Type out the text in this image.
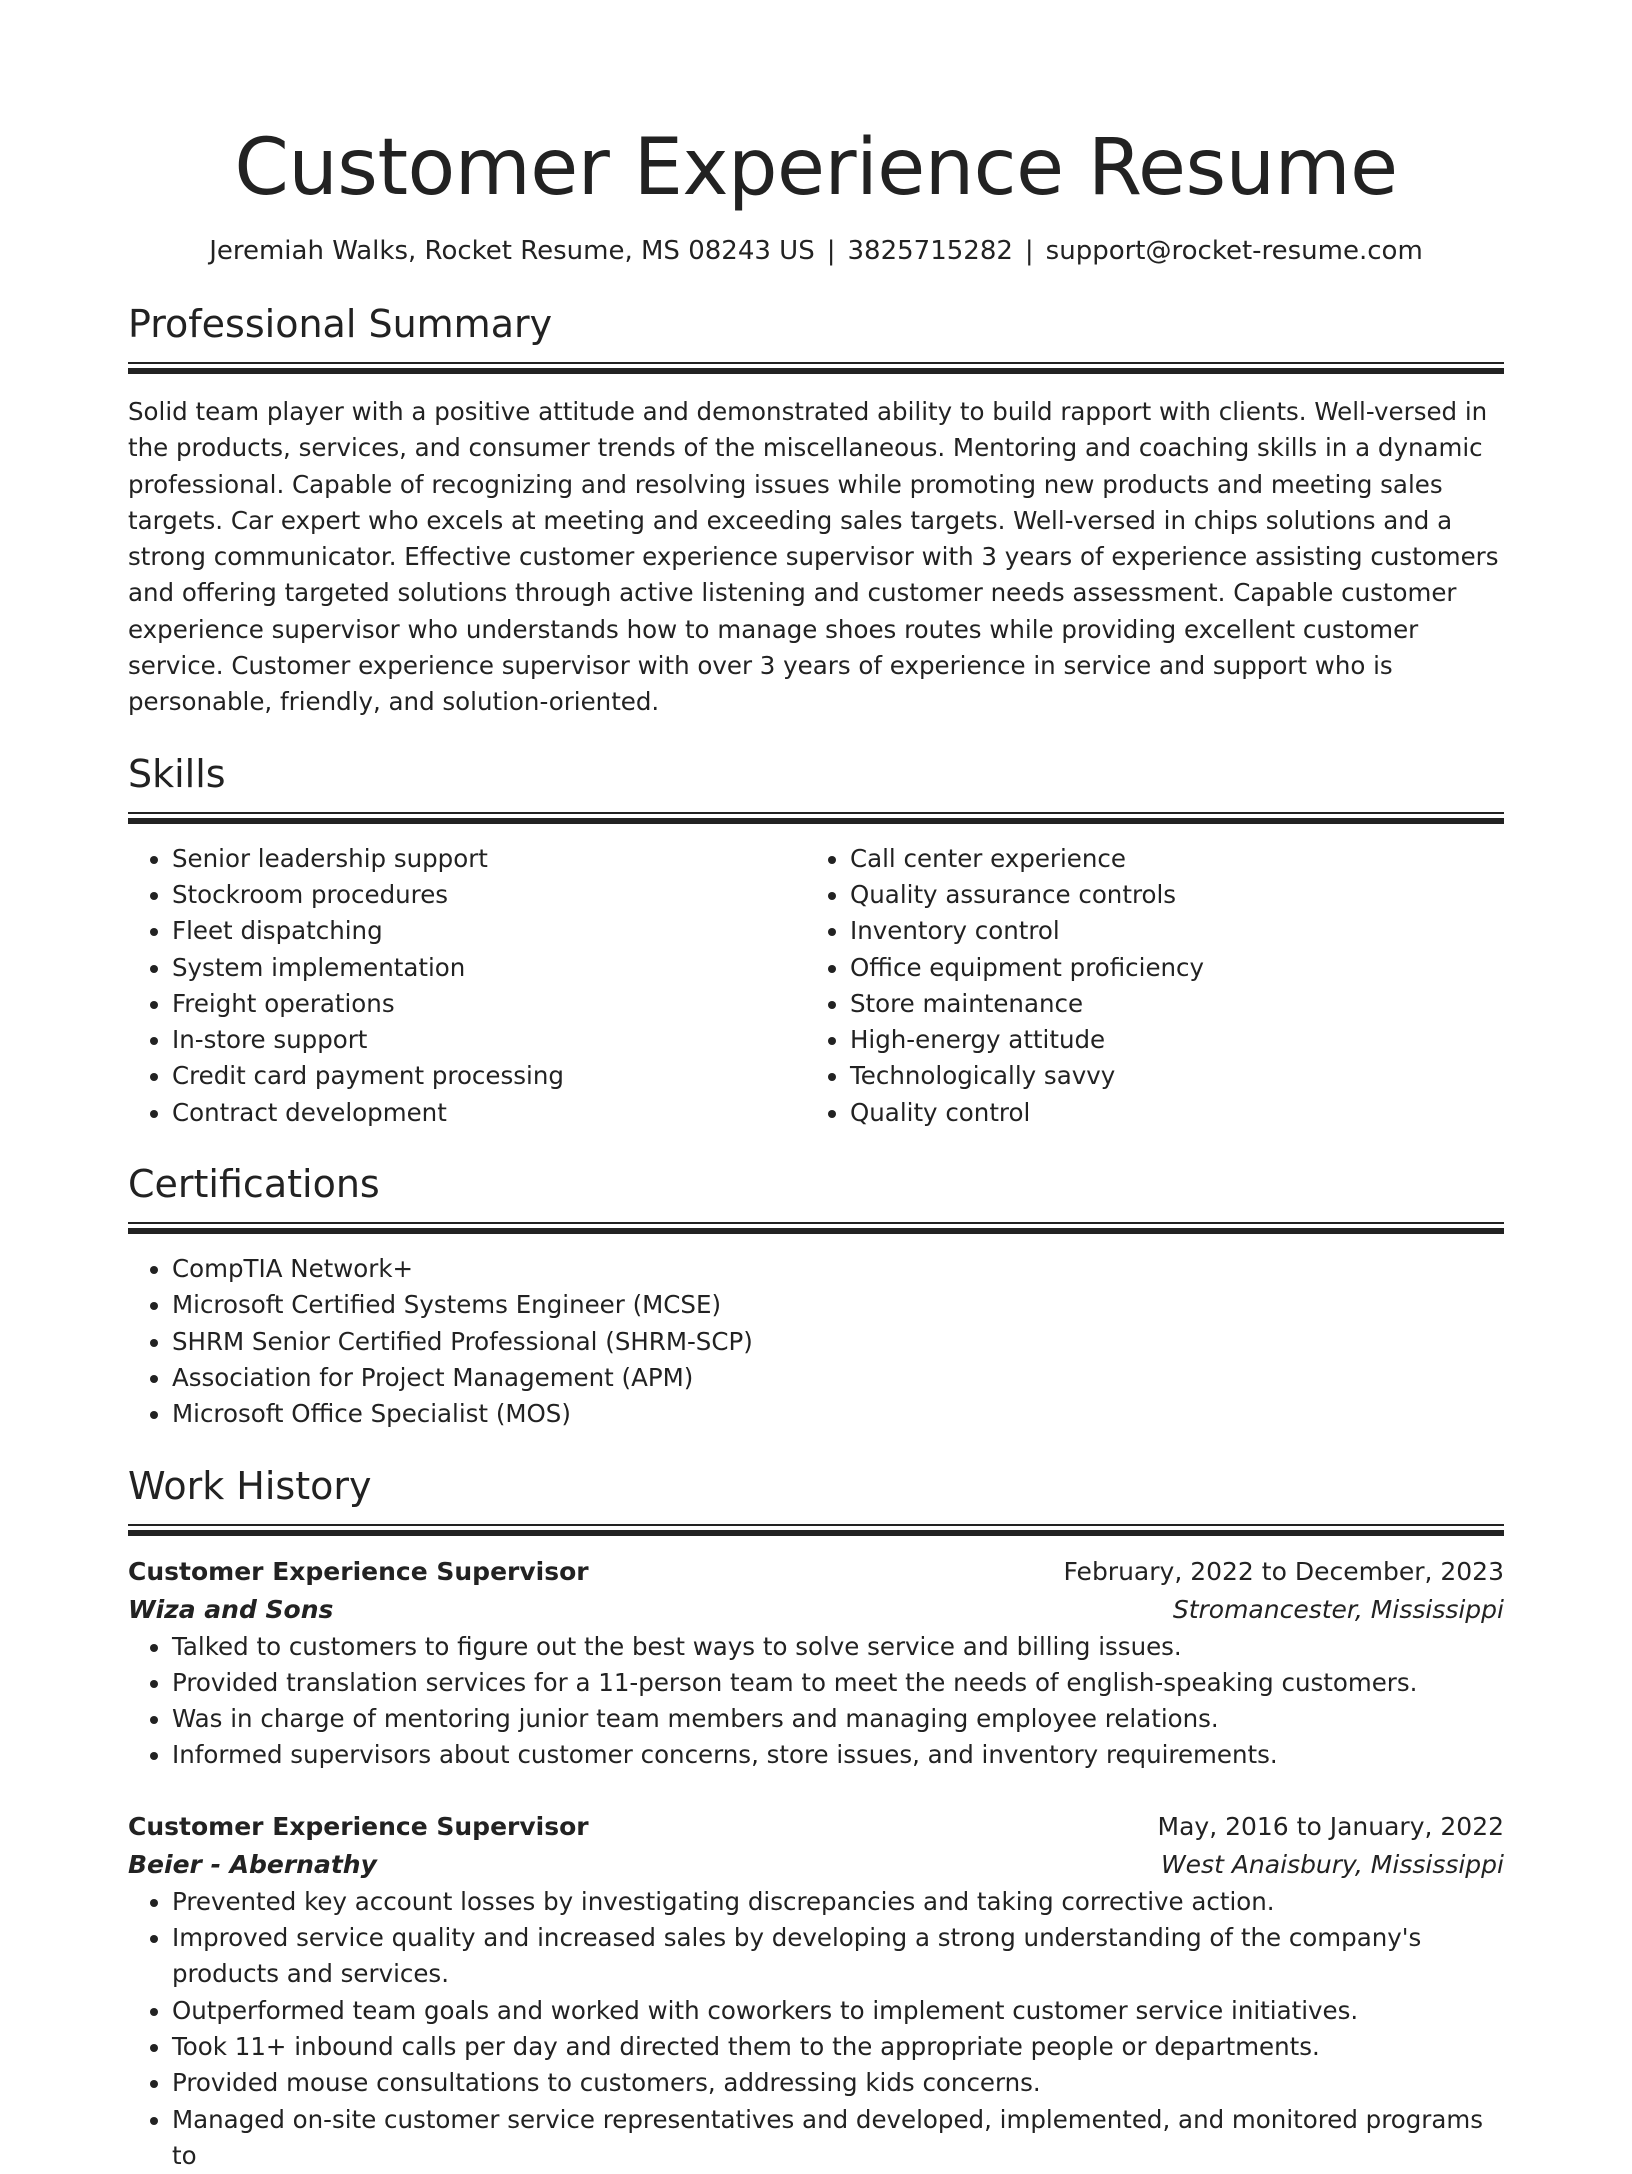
Customer Experience Resume
Jeremiah Walks, Rocket Resume, MS 08243 US | 3825715282 | support@rocket-resume.com
Professional Summary

Solid team player with a positive attitude and demonstrated ability to build rapport with clients. Well-versed in the products, services, and consumer trends of the miscellaneous. Mentoring and coaching skills in a dynamic professional. Capable of recognizing and resolving issues while promoting new products and meeting sales targets. Car expert who excels at meeting and exceeding sales targets. Well-versed in chips solutions and a strong communicator. Effective customer experience supervisor with 3 years of experience assisting customers and offering targeted solutions through active listening and customer needs assessment. Capable customer experience supervisor who understands how to manage shoes routes while providing excellent customer service. Customer experience supervisor with over 3 years of experience in service and support who is personable, friendly, and solution-oriented.

Skills
• Senior leadership support
• Stockroom procedures
• Fleet dispatching
• System implementation
• Freight operations
• In-store support
• Credit card payment processing
• Contract development
• Call center experience
• Quality assurance controls
• Inventory control
• Office equipment proficiency
• Store maintenance
• High-energy attitude
• Technologically savvy
• Quality control
Certifications
• CompTIA Network+
• Microsoft Certified Systems Engineer (MCSE)
• SHRM Senior Certified Professional (SHRM-SCP)
• Association for Project Management (APM)
• Microsoft Office Specialist (MOS)
Work History
Customer Experience Supervisor	February, 2022 to December, 2023
Wiza and Sons	Stromancester, Mississippi
• Talked to customers to figure out the best ways to solve service and billing issues.
• Provided translation services for a 11-person team to meet the needs of english-speaking customers.
• Was in charge of mentoring junior team members and managing employee relations.
• Informed supervisors about customer concerns, store issues, and inventory requirements.
Customer Experience Supervisor	May, 2016 to January, 2022
Beier - Abernathy	West Anaisbury, Mississippi
• Prevented key account losses by investigating discrepancies and taking corrective action.
• Improved service quality and increased sales by developing a strong understanding of the company's products and services.
• Outperformed team goals and worked with coworkers to implement customer service initiatives.
• Took 11+ inbound calls per day and directed them to the appropriate people or departments.
• Provided mouse consultations to customers, addressing kids concerns.
• Managed on-site customer service representatives and developed, implemented, and monitored programs to
